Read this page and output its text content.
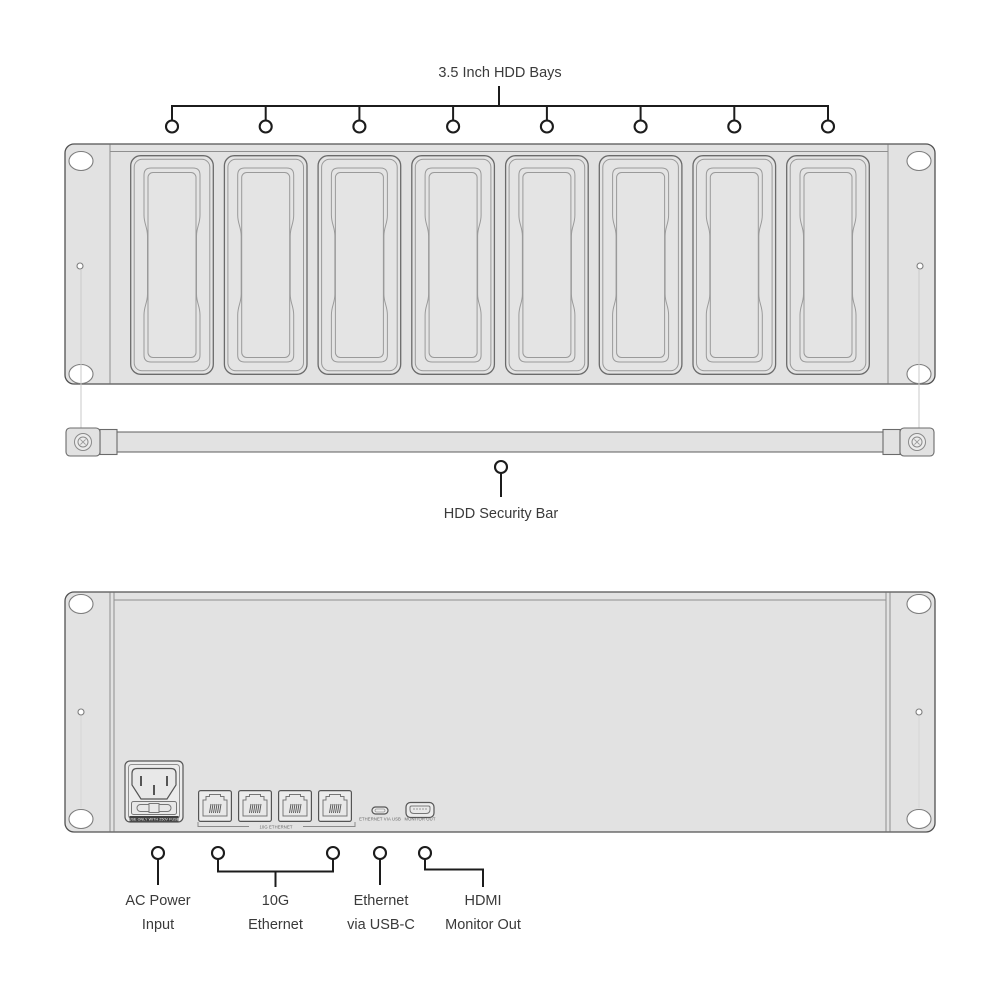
3.5 Inch HDD Bays
HDD Security Bar
USE ONLY WITH 250V FUSE
10G ETHERNET
ETHERNET VIA USB MONITOR OUT
AC Power
Input
10G
Ethernet
Ethernet
via USB-C
HDMI
Monitor Out
